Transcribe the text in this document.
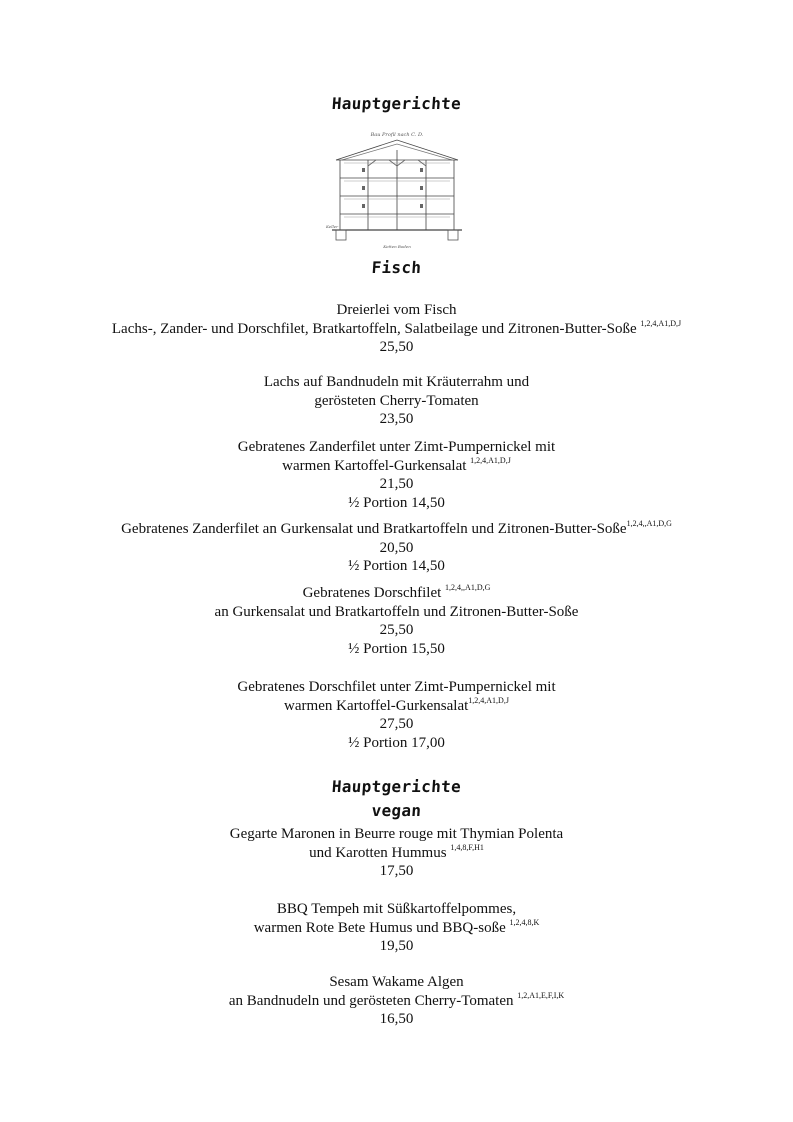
Hauptgerichte
Bau Profil nach C. D.
Keller
Ketten Boden
Fisch
Dreierlei vom Fisch
Lachs-, Zander- und Dorschfilet, Bratkartoffeln, Salatbeilage und Zitronen-Butter-Soße $^{1,2,4,A1,D,J}$
25,50
Lachs auf Bandnudeln mit Kräuterrahm und
gerösteten Cherry-Tomaten
23,50
Gebratenes Zanderfilet unter Zimt-Pumpernickel mit
warmen Kartoffel-Gurkensalat $^{1,2,4,A1,D,J}$
21,50
½ Portion 14,50
Gebratenes Zanderfilet an Gurkensalat und Bratkartoffeln und Zitronen-Butter-Soße$^{1,2,4,,A1,D,G}$
20,50
½ Portion 14,50
Gebratenes Dorschfilet $^{1,2,4,,A1,D,G}$
an Gurkensalat und Bratkartoffeln und Zitronen-Butter-Soße
25,50
½ Portion 15,50
Gebratenes Dorschfilet unter Zimt-Pumpernickel mit
warmen Kartoffel-Gurkensalat$^{1,2,4,A1,D,J}$
27,50
½ Portion 17,00
Hauptgerichte
vegan
Gegarte Maronen in Beurre rouge mit Thymian Polenta
und Karotten Hummus $^{1,4,8,F,H1}$
17,50
BBQ Tempeh mit Süßkartoffelpommes,
warmen Rote Bete Humus und BBQ-soße $^{1,2,4,8,K}$
19,50
Sesam Wakame Algen
an Bandnudeln und gerösteten Cherry-Tomaten $^{1,2,A1,E,F,I,K}$
16,50
